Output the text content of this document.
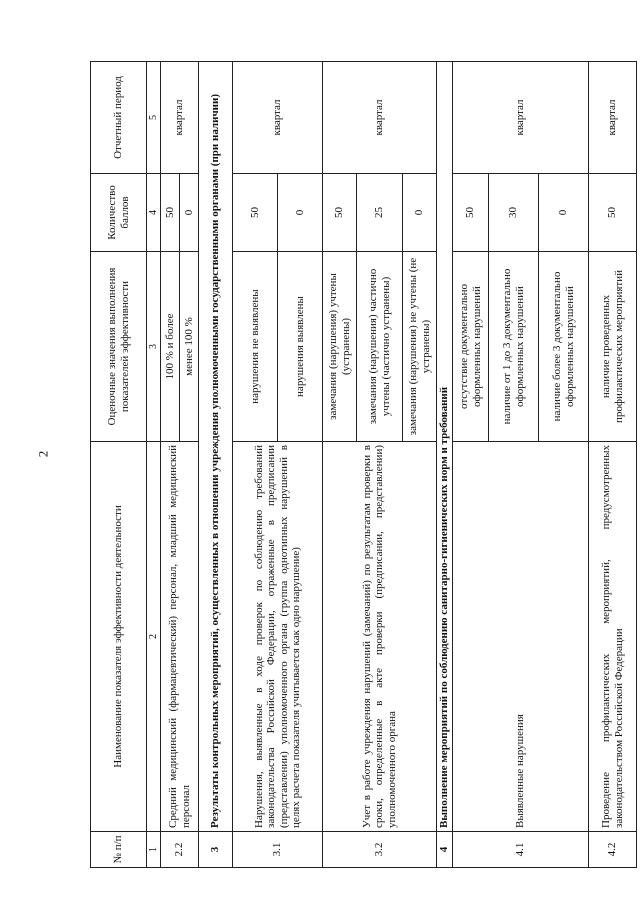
2
№ п/п	Наименование показателя эффективности деятельности	Оценочные значения выполнения показателей эффективности	Количество баллов	Отчетный период
1	2	3	4	5
2.2	Средний медицинский (фармацевтический) персонал, младший медицинский персонал	100 % и более	50	квартал
		менее 100 %	0	
3	Результаты контрольных мероприятий, осуществленных в отношении учреждения уполномоченными государственными органами (при наличии)			
3.1	Нарушения, выявленные в ходе проверок по соблюдению требований законодательства Российской Федерации, отраженные в предписании (представлении) уполномоченного органа (группа однотипных нарушений в целях расчета показателя учитывается как одно нарушение)	нарушения не выявлены	50	квартал
		нарушения выявлены	0	
3.2	Учет в работе учреждения нарушений (замечаний) по результатам проверки в сроки, определенные в акте проверки (предписании, представлении) уполномоченного органа	замечания (нарушения) учтены (устранены)	50	квартал
		замечания (нарушения) частично учтены (частично устранены)	25	
		замечания (нарушения) не учтены (не устранены)	0	
4	Выполнение мероприятий по соблюдению санитарно-гигиенических норм и требований			
4.1	Выявленные нарушения	отсутствие документально оформленных нарушений	50	квартал
		наличие от 1 до 3 документально оформленных нарушений	30	
		наличие более 3 документально оформленных нарушений	0	
4.2	Проведение профилактических мероприятий, предусмотренных законодательством Российской Федерации	наличие проведенных профилактических мероприятий	50	квартал
